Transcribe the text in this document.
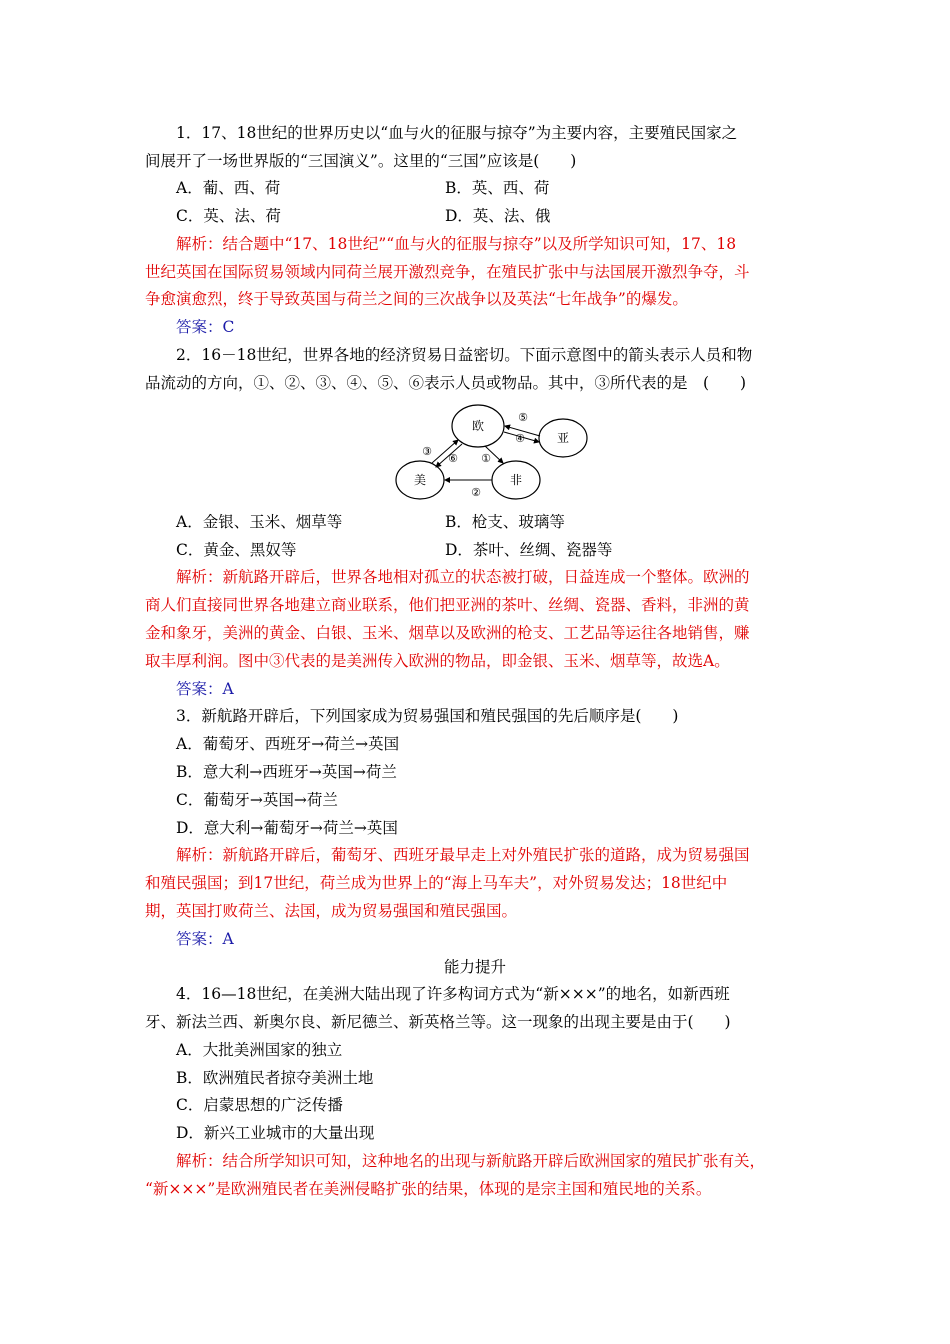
1．17、18世纪的世界历史以“血与火的征服与掠夺”为主要内容，主要殖民国家之
间展开了一场世界版的“三国演义”。这里的“三国”应该是(　　)
A．葡、西、荷	B．英、西、荷
C．英、法、荷	D．英、法、俄
解析：结合题中“17、18世纪”“血与火的征服与掠夺”以及所学知识可知，17、18
世纪英国在国际贸易领域内同荷兰展开激烈竞争，在殖民扩张中与法国展开激烈争夺，斗
争愈演愈烈，终于导致英国与荷兰之间的三次战争以及英法“七年战争”的爆发。
答案：C
2．16－18世纪，世界各地的经济贸易日益密切。下面示意图中的箭头表示人员和物
品流动的方向，①、②、③、④、⑤、⑥表示人员或物品。其中，③所代表的是　(　　)
欧
亚
美	非
⑤
④
③
⑥ ①
②
A．金银、玉米、烟草等	B．枪支、玻璃等
C．黄金、黑奴等	D．茶叶、丝绸、瓷器等
解析：新航路开辟后，世界各地相对孤立的状态被打破，日益连成一个整体。欧洲的
商人们直接同世界各地建立商业联系，他们把亚洲的茶叶、丝绸、瓷器、香料，非洲的黄
金和象牙，美洲的黄金、白银、玉米、烟草以及欧洲的枪支、工艺品等运往各地销售，赚
取丰厚利润。图中③代表的是美洲传入欧洲的物品，即金银、玉米、烟草等，故选A。
答案：A
3．新航路开辟后，下列国家成为贸易强国和殖民强国的先后顺序是(　　)
A．葡萄牙、西班牙→荷兰→英国
B．意大利→西班牙→英国→荷兰
C．葡萄牙→英国→荷兰
D．意大利→葡萄牙→荷兰→英国
解析：新航路开辟后，葡萄牙、西班牙最早走上对外殖民扩张的道路，成为贸易强国
和殖民强国；到17世纪，荷兰成为世界上的“海上马车夫”，对外贸易发达；18世纪中
期，英国打败荷兰、法国，成为贸易强国和殖民强国。
答案：A
能力提升
4．16—18世纪，在美洲大陆出现了许多构词方式为“新×××”的地名，如新西班
牙、新法兰西、新奥尔良、新尼德兰、新英格兰等。这一现象的出现主要是由于(　　)
A．大批美洲国家的独立
B．欧洲殖民者掠夺美洲土地
C．启蒙思想的广泛传播
D．新兴工业城市的大量出现
解析：结合所学知识可知，这种地名的出现与新航路开辟后欧洲国家的殖民扩张有关，
“新×××”是欧洲殖民者在美洲侵略扩张的结果，体现的是宗主国和殖民地的关系。
